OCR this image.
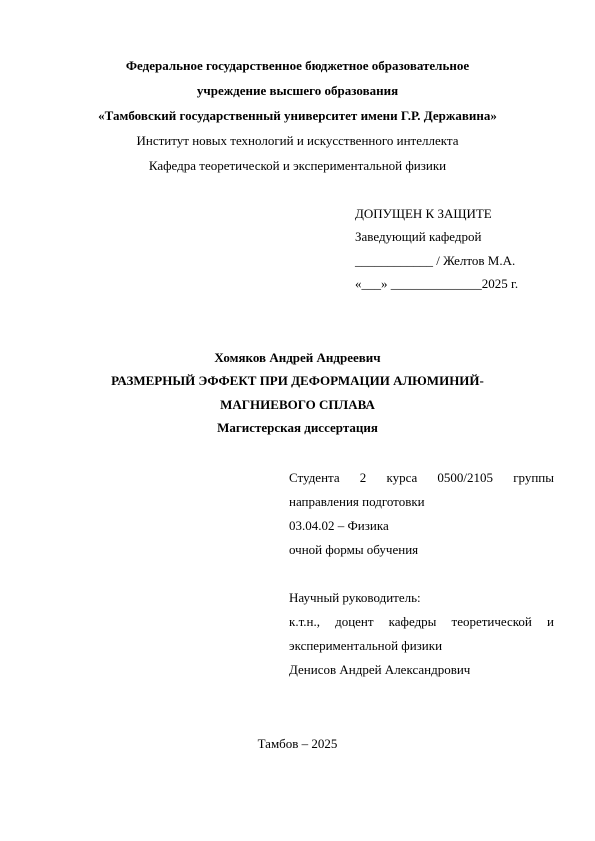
Федеральное государственное бюджетное образовательное
учреждение высшего образования
«Тамбовский государственный университет имени Г.Р. Державина»
Институт новых технологий и искусственного интеллекта
Кафедра теоретической и экспериментальной физики
ДОПУЩЕН К ЗАЩИТЕ
Заведующий кафедрой
____________ / Желтов М.А.
«___» ______________2025 г.
Хомяков Андрей Андреевич
РАЗМЕРНЫЙ ЭФФЕКТ ПРИ ДЕФОРМАЦИИ АЛЮМИНИЙ-
МАГНИЕВОГО СПЛАВА
Магистерская диссертация
Студента 2 курса 0500/2105 группы
направления подготовки
03.04.02 – Физика
очной формы обучения
Научный руководитель:
к.т.н., доцент кафедры теоретической и
экспериментальной физики
Денисов Андрей Александрович
Тамбов – 2025
